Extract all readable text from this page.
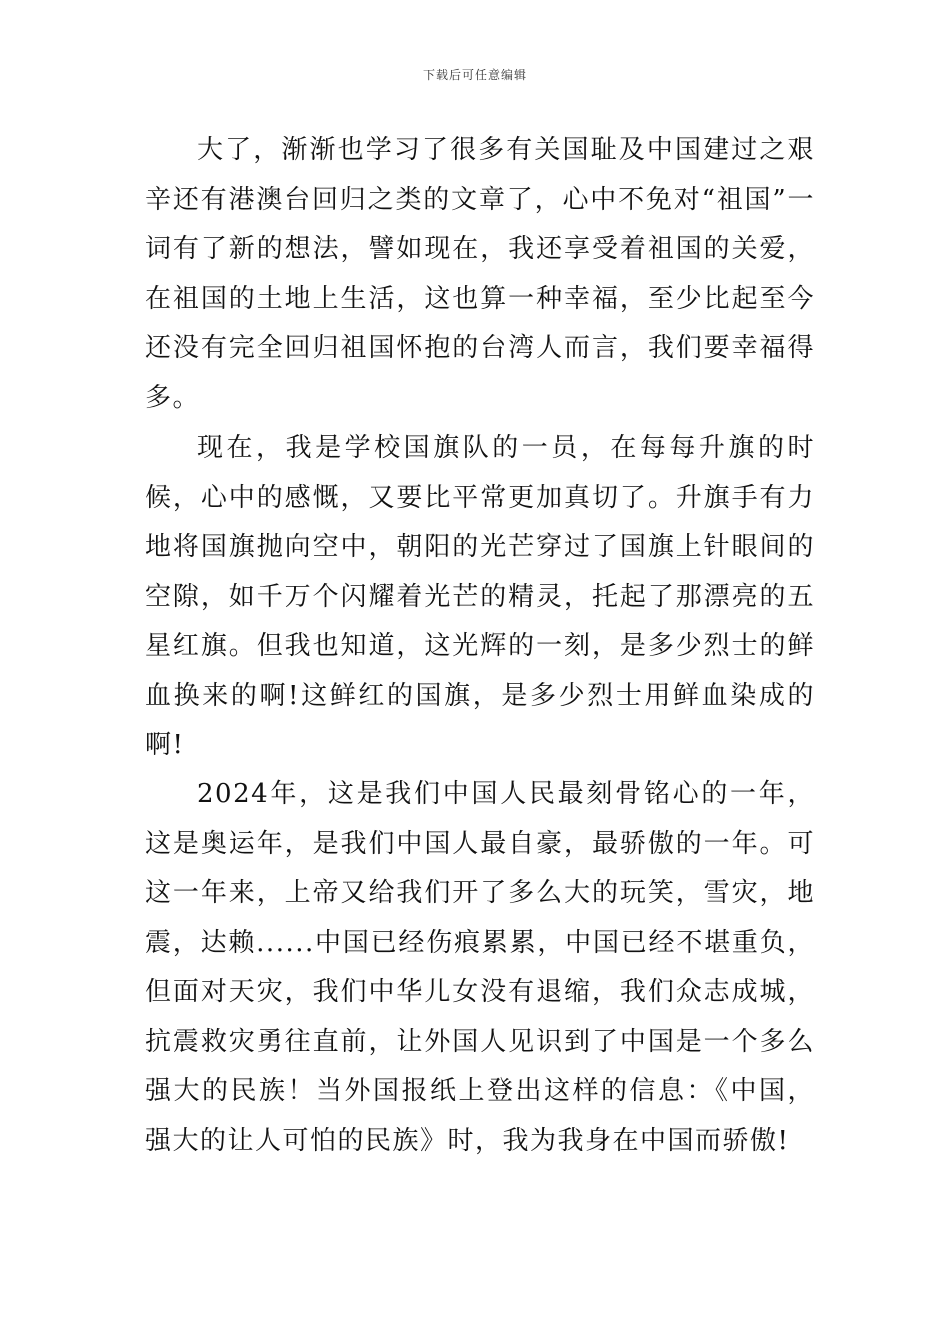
下载后可任意编辑

大了，渐渐也学习了很多有关国耻及中国建过之艰辛还有港澳台回归之类的文章了，心中不免对“祖国”一词有了新的想法，譬如现在，我还享受着祖国的关爱，在祖国的土地上生活，这也算一种幸福，至少比起至今还没有完全回归祖国怀抱的台湾人而言，我们要幸福得多。

现在，我是学校国旗队的一员，在每每升旗的时候，心中的感慨，又要比平常更加真切了。升旗手有力地将国旗抛向空中，朝阳的光芒穿过了国旗上针眼间的空隙，如千万个闪耀着光芒的精灵，托起了那漂亮的五星红旗。但我也知道，这光辉的一刻，是多少烈士的鲜血换来的啊!这鲜红的国旗，是多少烈士用鲜血染成的啊!

2024年，这是我们中国人民最刻骨铭心的一年，这是奥运年，是我们中国人最自豪，最骄傲的一年。可这一年来，上帝又给我们开了多么大的玩笑，雪灾，地震，达赖......中国已经伤痕累累，中国已经不堪重负，但面对天灾，我们中华儿女没有退缩，我们众志成城，抗震救灾勇往直前，让外国人见识到了中国是一个多么强大的民族！当外国报纸上登出这样的信息：《中国，强大的让人可怕的民族》时，我为我身在中国而骄傲!
